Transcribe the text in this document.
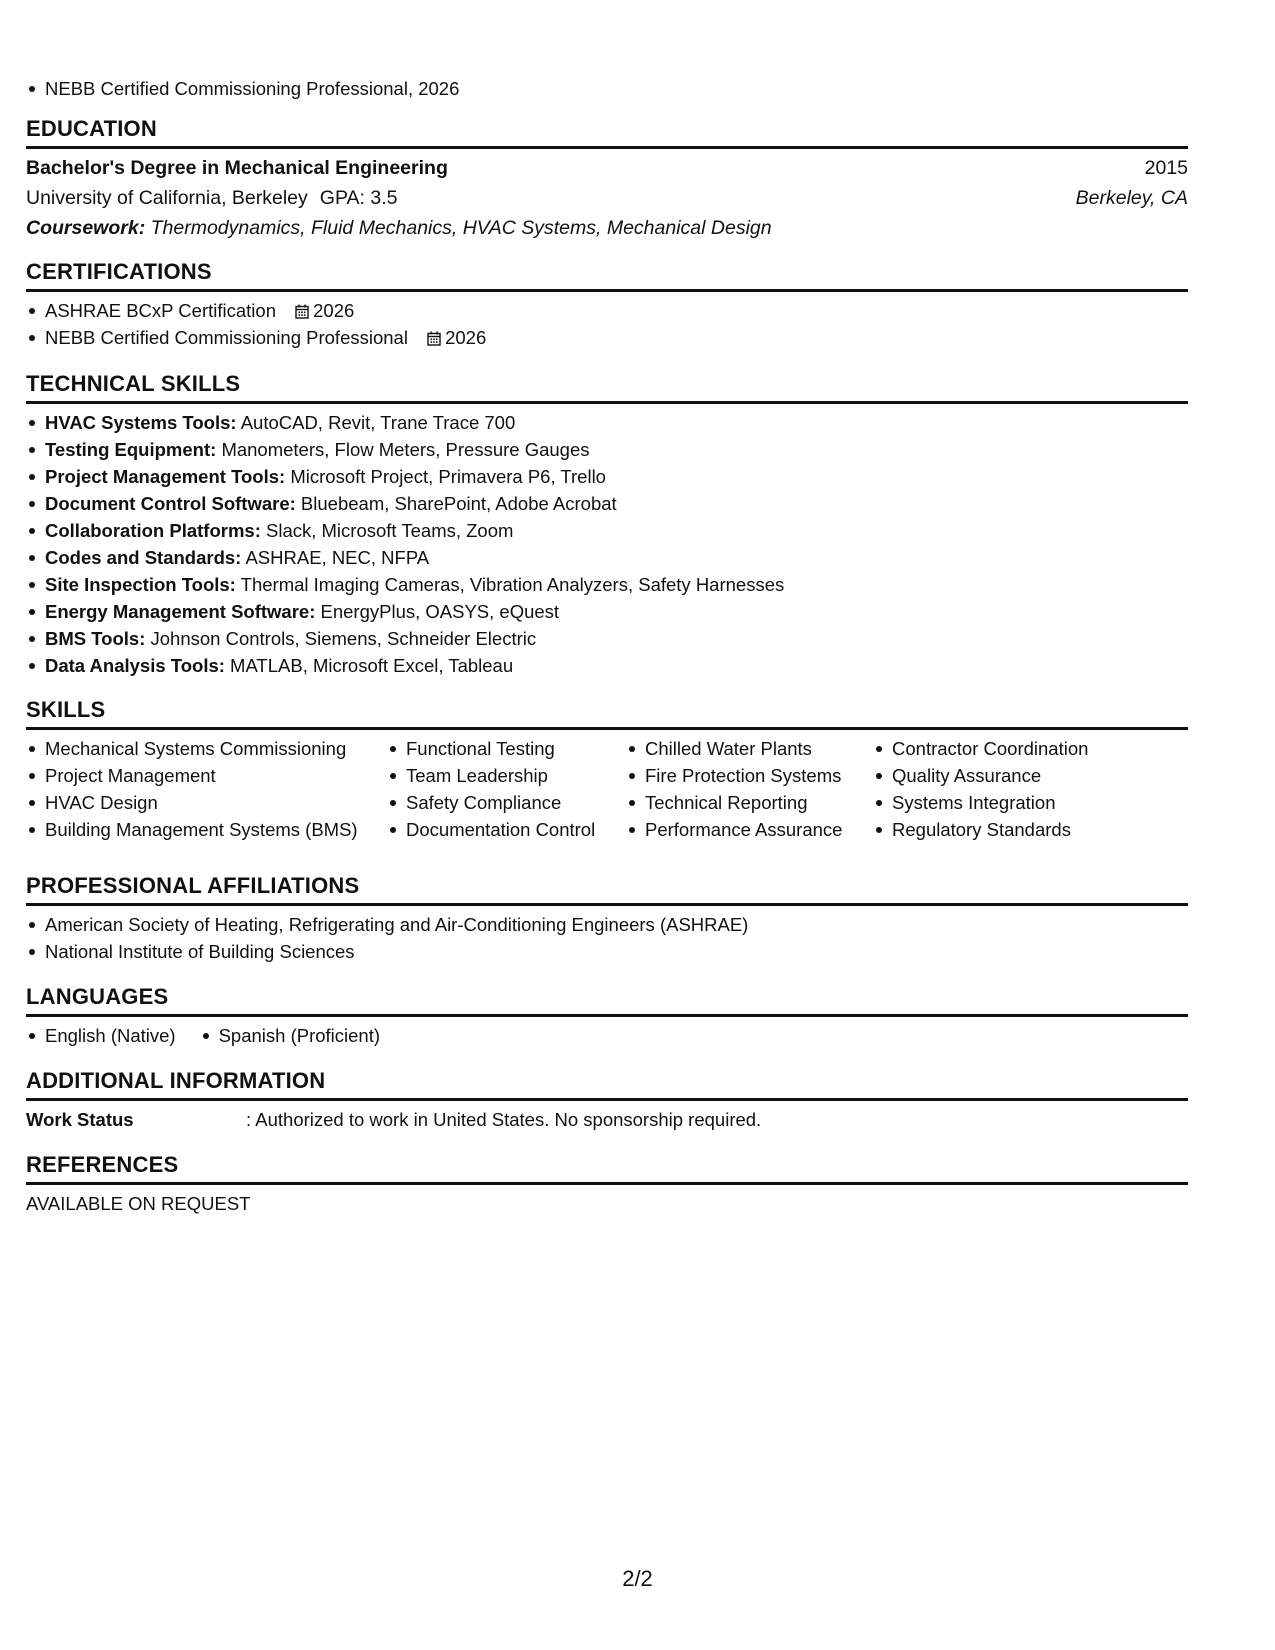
NEBB Certified Commissioning Professional, 2026
EDUCATION
Bachelor's Degree in Mechanical Engineering	2015
University of California, Berkeley GPA: 3.5	Berkeley, CA
Coursework: Thermodynamics, Fluid Mechanics, HVAC Systems, Mechanical Design
CERTIFICATIONS
ASHRAE BCxP Certification 2026
NEBB Certified Commissioning Professional 2026
TECHNICAL SKILLS
HVAC Systems Tools: AutoCAD, Revit, Trane Trace 700
Testing Equipment: Manometers, Flow Meters, Pressure Gauges
Project Management Tools: Microsoft Project, Primavera P6, Trello
Document Control Software: Bluebeam, SharePoint, Adobe Acrobat
Collaboration Platforms: Slack, Microsoft Teams, Zoom
Codes and Standards: ASHRAE, NEC, NFPA
Site Inspection Tools: Thermal Imaging Cameras, Vibration Analyzers, Safety Harnesses
Energy Management Software: EnergyPlus, OASYS, eQuest
BMS Tools: Johnson Controls, Siemens, Schneider Electric
Data Analysis Tools: MATLAB, Microsoft Excel, Tableau
SKILLS
Mechanical Systems Commissioning
Project Management
HVAC Design
Building Management Systems (BMS)
Functional Testing
Team Leadership
Safety Compliance
Documentation Control
Chilled Water Plants
Fire Protection Systems
Technical Reporting
Performance Assurance
Contractor Coordination
Quality Assurance
Systems Integration
Regulatory Standards
PROFESSIONAL AFFILIATIONS
American Society of Heating, Refrigerating and Air-Conditioning Engineers (ASHRAE)
National Institute of Building Sciences
LANGUAGES
English (Native)	Spanish (Proficient)
ADDITIONAL INFORMATION
Work Status	: Authorized to work in United States. No sponsorship required.
REFERENCES
AVAILABLE ON REQUEST
2/2
